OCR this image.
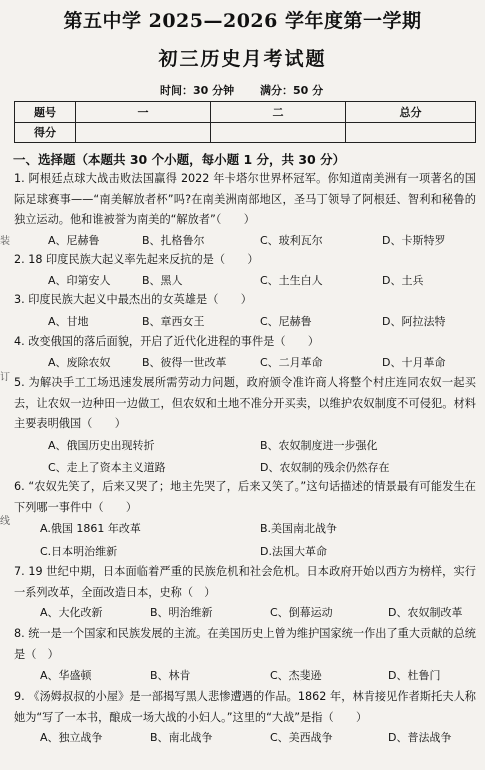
第五中学 2025—2026 学年度第一学期
初三历史月考试题
时间：30 分钟 满分：50 分
题号	一	二	总分
得分			
装
订
线
一、选择题（本题共 30 个小题，每小题 1 分，共 30 分）
1. 阿根廷点球大战击败法国赢得 2022 年卡塔尔世界杯冠军。你知道南美洲有一项著名的国际足球赛事——“南美解放者杯”吗?在南美洲南部地区，圣马丁领导了阿根廷、智利和秘鲁的独立运动。他和谁被誉为南美的“解放者”（　　）
A、尼赫鲁	B、扎格鲁尔	C、玻利瓦尔	D、卡斯特罗
2. 18 印度民族大起义率先起来反抗的是（　　）
A、印第安人	B、黑人	C、土生白人	D、土兵
3. 印度民族大起义中最杰出的女英雄是（　　）
A、甘地	B、章西女王	C、尼赫鲁	D、阿拉法特
4. 改变俄国的落后面貌，开启了近代化进程的事件是（　　）
A、废除农奴	B、彼得一世改革	C、二月革命	D、十月革命
5. 为解决手工工场迅速发展所需劳动力问题，政府颁令准许商人将整个村庄连同农奴一起买去，让农奴一边种田一边做工，但农奴和土地不准分开买卖，以维护农奴制度不可侵犯。材料主要表明俄国（　　）
A、俄国历史出现转折	B、农奴制度进一步强化
C、走上了资本主义道路	D、农奴制的残余仍然存在
6. “农奴先笑了，后来又哭了；地主先哭了，后来又笑了。”这句话描述的情景最有可能发生在下列哪一事件中（　　）
A.俄国 1861 年改革	B.美国南北战争
C.日本明治维新	D.法国大革命
7. 19 世纪中期，日本面临着严重的民族危机和社会危机。日本政府开始以西方为榜样，实行一系列改革，全面改造日本，史称（　）
A、大化改新	B、明治维新	C、倒幕运动	D、农奴制改革
8. 统一是一个国家和民族发展的主流。在美国历史上曾为维护国家统一作出了重大贡献的总统是（　）
A、华盛顿	B、林肯	C、杰斐逊	D、杜鲁门
9. 《汤姆叔叔的小屋》是一部揭写黑人悲惨遭遇的作品。1862 年，林肯接见作者斯托夫人称她为“写了一本书，酿成一场大战的小妇人。”这里的“大战”是指（　　）
A、独立战争	B、南北战争	C、美西战争	D、普法战争
